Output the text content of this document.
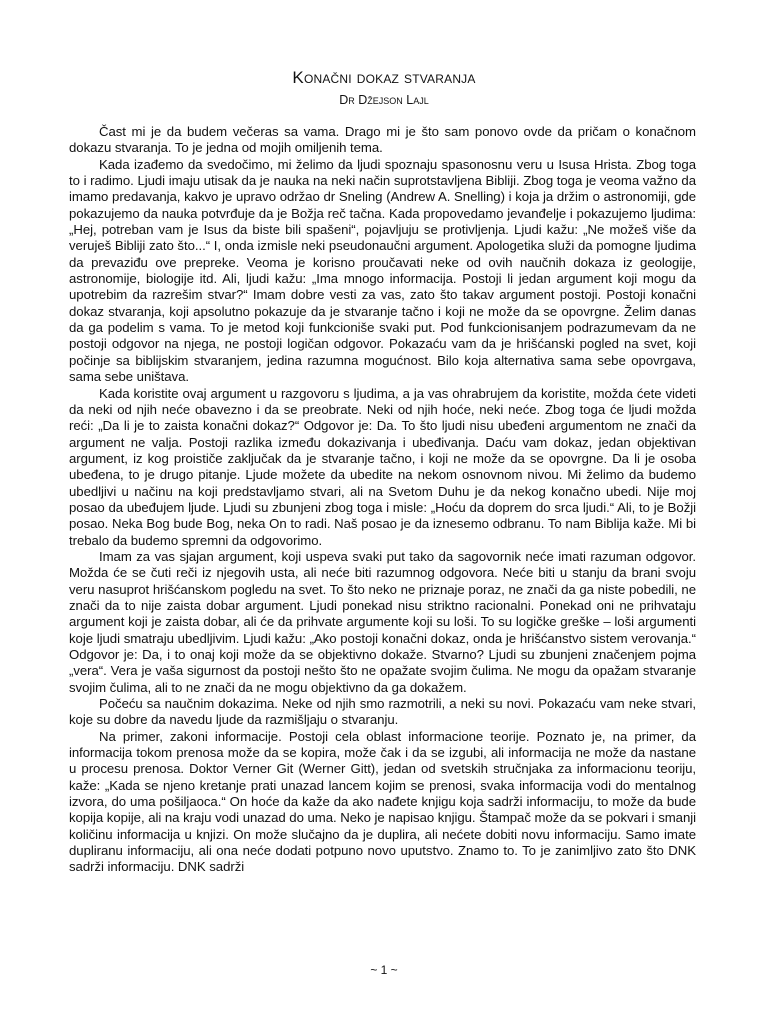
Konačni dokaz stvaranja
Dr Džejson Lajl

Čast mi je da budem večeras sa vama. Drago mi je što sam ponovo ovde da pričam o konačnom dokazu stvaranja. To je jedna od mojih omiljenih tema.

Kada izađemo da svedočimo, mi želimo da ljudi spoznaju spasonosnu veru u Isusa Hrista. Zbog toga to i radimo. Ljudi imaju utisak da je nauka na neki način suprotstavljena Bibliji. Zbog toga je veoma važno da imamo predavanja, kakvo je upravo održao dr Sneling (Andrew A. Snelling) i koja ja držim o astronomiji, gde pokazujemo da nauka potvrđuje da je Božja reč tačna. Kada propovedamo jevanđelje i pokazujemo ljudima: „Hej, potreban vam je Isus da biste bili spašeni“, pojavljuju se protivljenja. Ljudi kažu: „Ne možeš više da veruješ Bibliji zato što...“ I, onda izmisle neki pseudonaučni argument. Apologetika služi da pomogne ljudima da prevaziđu ove prepreke. Veoma je korisno proučavati neke od ovih naučnih dokaza iz geologije, astronomije, biologije itd. Ali, ljudi kažu: „Ima mnogo informacija. Postoji li jedan argument koji mogu da upotrebim da razrešim stvar?“ Imam dobre vesti za vas, zato što takav argument postoji. Postoji konačni dokaz stvaranja, koji apsolutno pokazuje da je stvaranje tačno i koji ne može da se opovrgne. Želim danas da ga podelim s vama. To je metod koji funkcioniše svaki put. Pod funkcionisanjem podrazumevam da ne postoji odgovor na njega, ne postoji logičan odgovor. Pokazaću vam da je hrišćanski pogled na svet, koji počinje sa biblijskim stvaranjem, jedina razumna mogućnost. Bilo koja alternativa sama sebe opovrgava, sama sebe uništava.

Kada koristite ovaj argument u razgovoru s ljudima, a ja vas ohrabrujem da koristite, možda ćete videti da neki od njih neće obavezno i da se preobrate. Neki od njih hoće, neki neće. Zbog toga će ljudi možda reći: „Da li je to zaista konačni dokaz?“ Odgovor je: Da. To što ljudi nisu ubeđeni argumentom ne znači da argument ne valja. Postoji razlika između dokazivanja i ubeđivanja. Daću vam dokaz, jedan objektivan argument, iz kog proističe zaključak da je stvaranje tačno, i koji ne može da se opovrgne. Da li je osoba ubeđena, to je drugo pitanje. Ljude možete da ubedite na nekom osnovnom nivou. Mi želimo da budemo ubedljivi u načinu na koji predstavljamo stvari, ali na Svetom Duhu je da nekog konačno ubedi. Nije moj posao da ubeđujem ljude. Ljudi su zbunjeni zbog toga i misle: „Hoću da doprem do srca ljudi.“ Ali, to je Božji posao. Neka Bog bude Bog, neka On to radi. Naš posao je da iznesemo odbranu. To nam Biblija kaže. Mi bi trebalo da budemo spremni da odgovorimo.

Imam za vas sjajan argument, koji uspeva svaki put tako da sagovornik neće imati razuman odgovor. Možda će se čuti reči iz njegovih usta, ali neće biti razumnog odgovora. Neće biti u stanju da brani svoju veru nasuprot hrišćanskom pogledu na svet. To što neko ne priznaje poraz, ne znači da ga niste pobedili, ne znači da to nije zaista dobar argument. Ljudi ponekad nisu striktno racionalni. Ponekad oni ne prihvataju argument koji je zaista dobar, ali će da prihvate argumente koji su loši. To su logičke greške – loši argumenti koje ljudi smatraju ubedljivim. Ljudi kažu: „Ako postoji konačni dokaz, onda je hrišćanstvo sistem verovanja.“ Odgovor je: Da, i to onaj koji može da se objektivno dokaže. Stvarno? Ljudi su zbunjeni značenjem pojma „vera“. Vera je vaša sigurnost da postoji nešto što ne opažate svojim čulima. Ne mogu da opažam stvaranje svojim čulima, ali to ne znači da ne mogu objektivno da ga dokažem.

Počeću sa naučnim dokazima. Neke od njih smo razmotrili, a neki su novi. Pokazaću vam neke stvari, koje su dobre da navedu ljude da razmišljaju o stvaranju.

Na primer, zakoni informacije. Postoji cela oblast informacione teorije. Poznato je, na primer, da informacija tokom prenosa može da se kopira, može čak i da se izgubi, ali informacija ne može da nastane u procesu prenosa. Doktor Verner Git (Werner Gitt), jedan od svetskih stručnjaka za informacionu teoriju, kaže: „Kada se njeno kretanje prati unazad lancem kojim se prenosi, svaka informacija vodi do mentalnog izvora, do uma pošiljaoca.“ On hoće da kaže da ako nađete knjigu koja sadrži informaciju, to može da bude kopija kopije, ali na kraju vodi unazad do uma. Neko je napisao knjigu. Štampač može da se pokvari i smanji količinu informacija u knjizi. On može slučajno da je duplira, ali nećete dobiti novu informaciju. Samo imate dupliranu informaciju, ali ona neće dodati potpuno novo uputstvo. Znamo to. To je zanimljivo zato što DNK sadrži informaciju. DNK sadrži

~ 1 ~
